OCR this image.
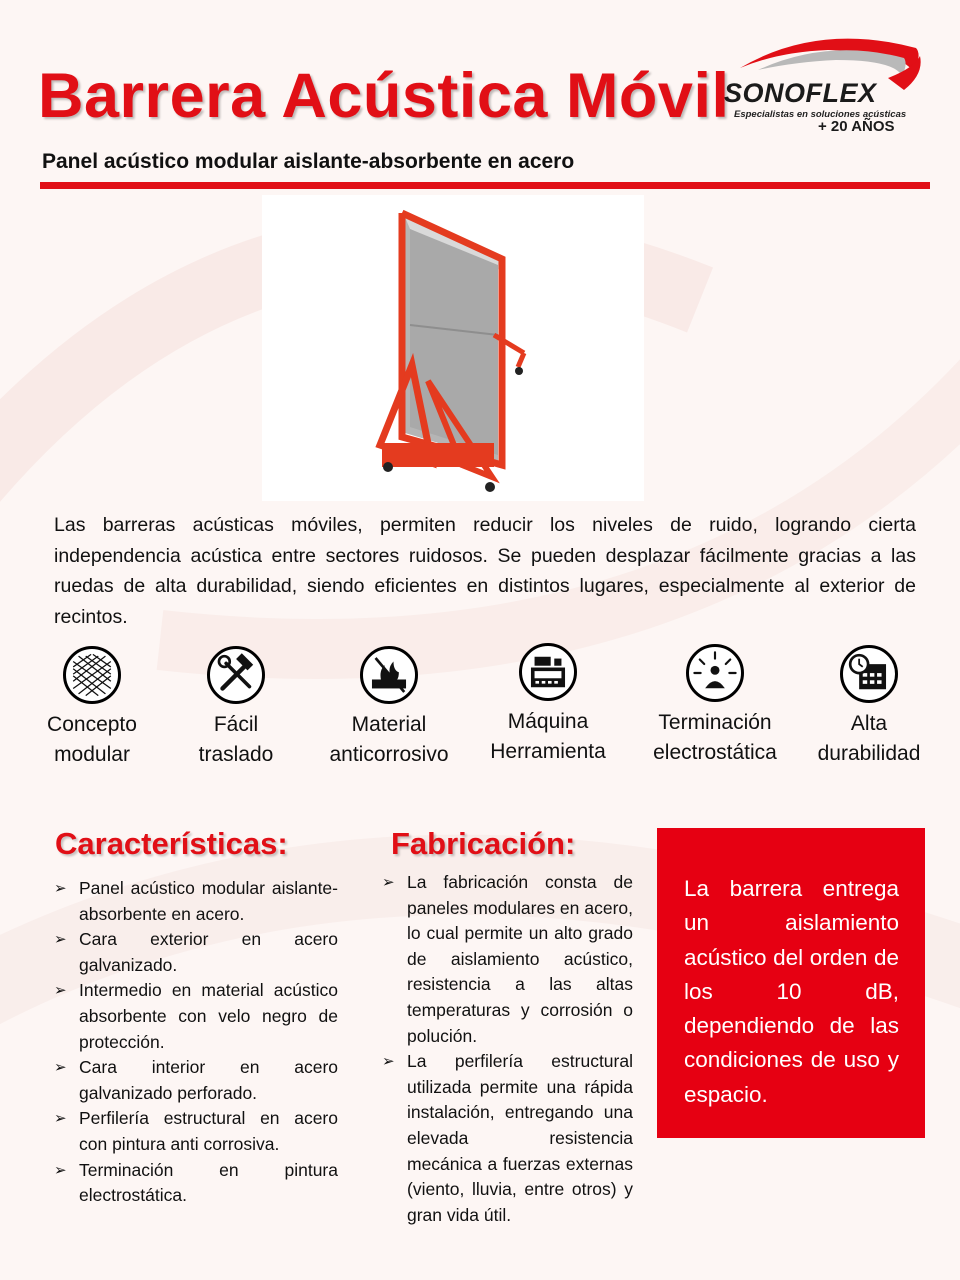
Barrera Acústica Móvil
SONOFLEX
Especialistas en soluciones acústicas
+ 20 AÑOS
Panel acústico modular aislante-absorbente en acero

Las barreras acústicas móviles, permiten reducir los niveles de ruido, logrando cierta independencia acústica entre sectores ruidosos. Se pueden desplazar fácilmente gracias a las ruedas de alta durabilidad, siendo eficientes en distintos lugares, especialmente al exterior de recintos.

Concepto
modular
Fácil
traslado
Material
anticorrosivo
Máquina
Herramienta
Terminación
electrostática
Alta
durabilidad
Características:
➢ Panel acústico modular aislante-absorbente en acero.
➢ Cara exterior en acero galvanizado.
➢ Intermedio en material acústico absorbente con velo negro de protección.
➢ Cara interior en acero galvanizado perforado.
➢ Perfilería estructural en acero con pintura anti corrosiva.
➢ Terminación en pintura electrostática.
Fabricación:
➢ La fabricación consta de paneles modulares en acero, lo cual permite un alto grado de aislamiento acústico, resistencia a las altas temperaturas y corrosión o polución.
➢ La perfilería estructural utilizada permite una rápida instalación, entregando una elevada resistencia mecánica a fuerzas externas (viento, lluvia, entre otros) y gran vida útil.

La barrera entrega un aislamiento acústico del orden de los 10 dB, dependiendo de las condiciones de uso y espacio.
